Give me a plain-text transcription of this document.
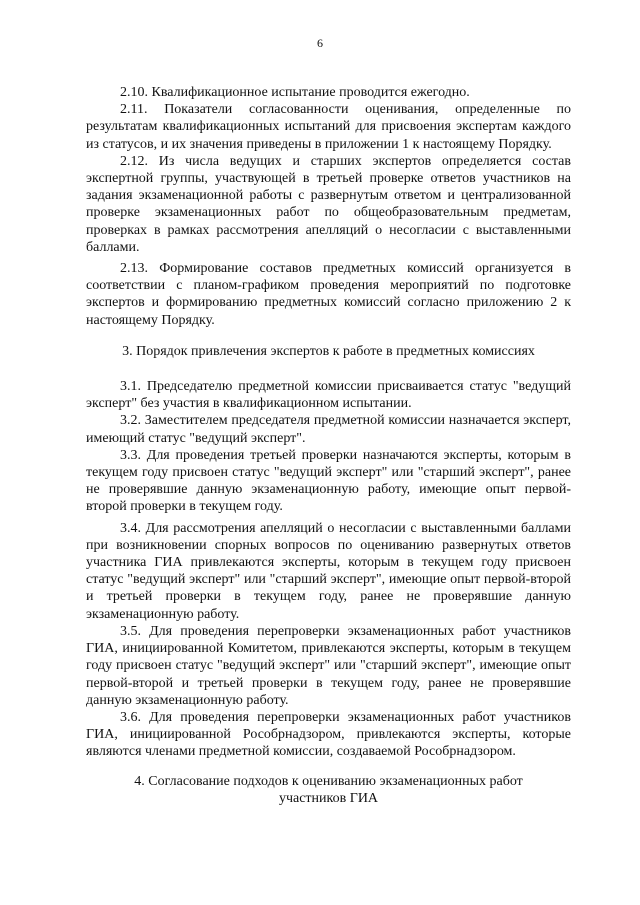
6

2.10. Квалификационное испытание проводится ежегодно.

2.11. Показатели согласованности оценивания, определенные по результатам квалификационных испытаний для присвоения экспертам каждого из статусов, и их значения приведены в приложении 1 к настоящему Порядку.

2.12. Из числа ведущих и старших экспертов определяется состав экспертной группы, участвующей в третьей проверке ответов участников на задания экзаменационной работы с развернутым ответом и централизованной проверке экзаменационных работ по общеобразовательным предметам, проверках в рамках рассмотрения апелляций о несогласии с выставленными баллами.

2.13. Формирование составов предметных комиссий организуется в соответствии с планом-графиком проведения мероприятий по подготовке экспертов и формированию предметных комиссий согласно приложению 2 к настоящему Порядку.

3. Порядок привлечения экспертов к работе в предметных комиссиях

3.1. Председателю предметной комиссии присваивается статус "ведущий эксперт" без участия в квалификационном испытании.

3.2. Заместителем председателя предметной комиссии назначается эксперт, имеющий статус "ведущий эксперт".

3.3. Для проведения третьей проверки назначаются эксперты, которым в текущем году присвоен статус "ведущий эксперт" или "старший эксперт", ранее не проверявшие данную экзаменационную работу, имеющие опыт первой-второй проверки в текущем году.

3.4. Для рассмотрения апелляций о несогласии с выставленными баллами при возникновении спорных вопросов по оцениванию развернутых ответов участника ГИА привлекаются эксперты, которым в текущем году присвоен статус "ведущий эксперт" или "старший эксперт", имеющие опыт первой-второй и третьей проверки в текущем году, ранее не проверявшие данную экзаменационную работу.

3.5. Для проведения перепроверки экзаменационных работ участников ГИА, инициированной Комитетом, привлекаются эксперты, которым в текущем году присвоен статус "ведущий эксперт" или "старший эксперт", имеющие опыт первой-второй и третьей проверки в текущем году, ранее не проверявшие данную экзаменационную работу.

3.6. Для проведения перепроверки экзаменационных работ участников ГИА, инициированной Рособрнадзором, привлекаются эксперты, которые являются членами предметной комиссии, создаваемой Рособрнадзором.

4. Согласование подходов к оцениванию экзаменационных работ участников ГИА
